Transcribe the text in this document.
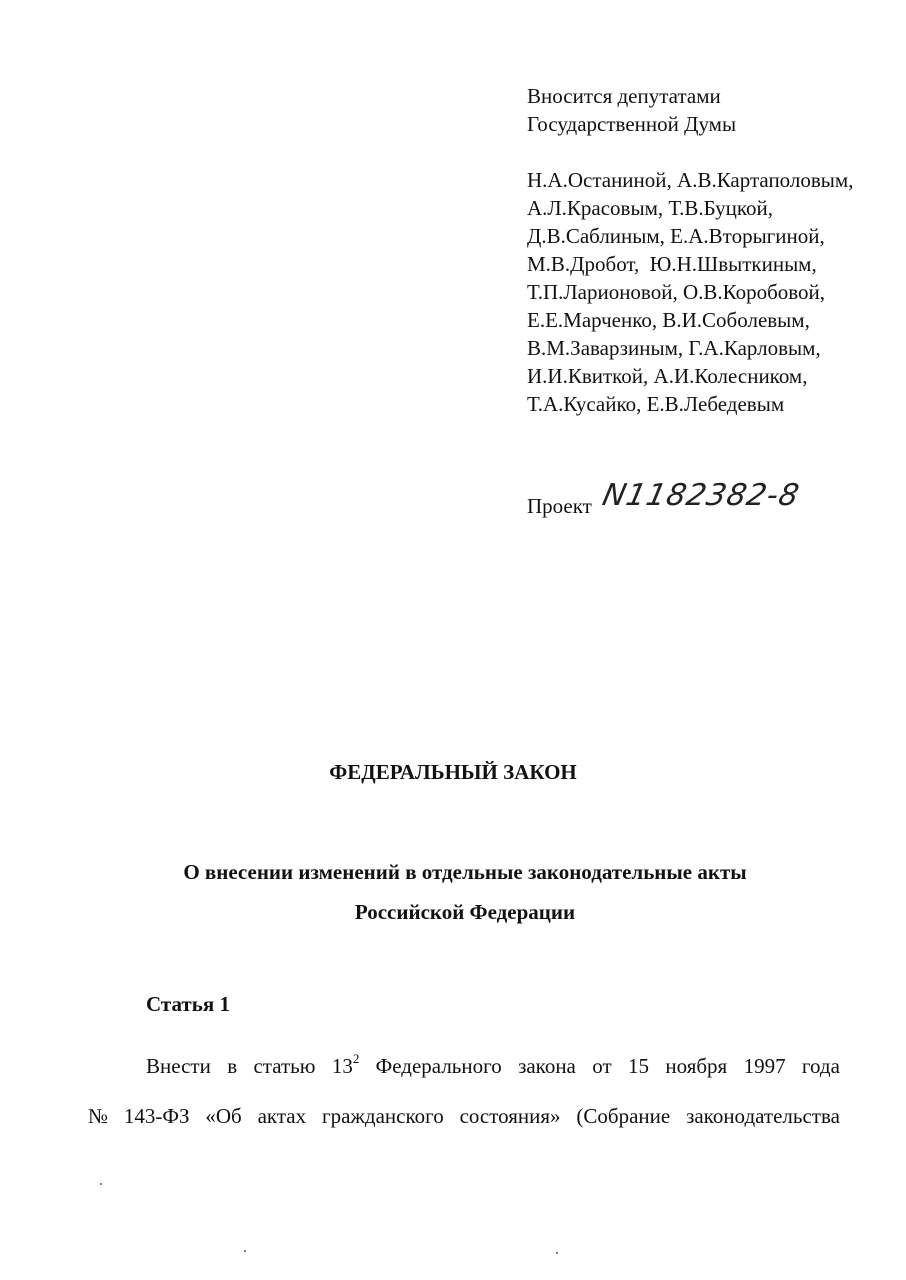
Вносится депутатами
Государственной Думы
Н.А.Останиной, А.В.Картаполовым,
А.Л.Красовым, Т.В.Буцкой,
Д.В.Саблиным, Е.А.Вторыгиной,
М.В.Дробот,  Ю.Н.Швыткиным,
Т.П.Ларионовой, О.В.Коробовой,
Е.Е.Марченко, В.И.Соболевым,
В.М.Заварзиным, Г.А.Карловым,
И.И.Квиткой, А.И.Колесником,
Т.А.Кусайко, Е.В.Лебедевым
Проект N1182382-8
ФЕДЕРАЛЬНЫЙ ЗАКОН
О внесении изменений в отдельные законодательные акты
Российской Федерации
Статья 1
Внести в статью $13^2$ Федерального закона от 15 ноября 1997 года
№ 143-ФЗ «Об актах гражданского состояния» (Собрание законодательства
